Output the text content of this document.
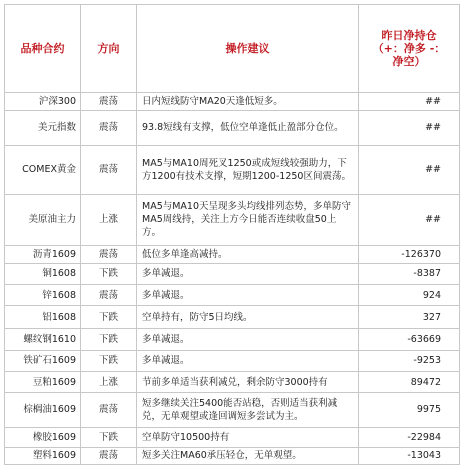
品种合约	方向	操作建议	昨日净持仓
（+：净多 -：
净空）

沪深300	震荡	日内短线防守MA20天逢低短多。	##
美元指数	震荡	93.8短线有支撑，低位空单逢低止盈部分仓位。	##
COMEX黄金	震荡	MA5与MA10周死叉1250或成短线较强助力，下方1200有技术支撑，短期1200-1250区间震荡。	##
美原油主力	上涨	MA5与MA10天呈现多头均线排列态势，多单防守MA5周线持，关注上方今日能否连续收盘50上方。	##
沥青1609	震荡	低位多单逢高减持。	-126370
铜1608	下跌	多单减退。	-8387
锌1608	震荡	多单减退。	924
铝1608	下跌	空单持有，防守5日均线。	327
螺纹钢1610	下跌	多单减退。	-63669
铁矿石1609	下跌	多单减退。	-9253
豆粕1609	上涨	节前多单适当获利减兑，剩余防守3000持有	89472
棕榈油1609	震荡	短多继续关注5400能否站稳，否则适当获利减兑，无单观望或逢回调短多尝试为主。	9975
橡胶1609	下跌	空单防守10500持有	-22984
塑料1609	震荡	短多关注MA60承压轻仓，无单观望。	-13043
